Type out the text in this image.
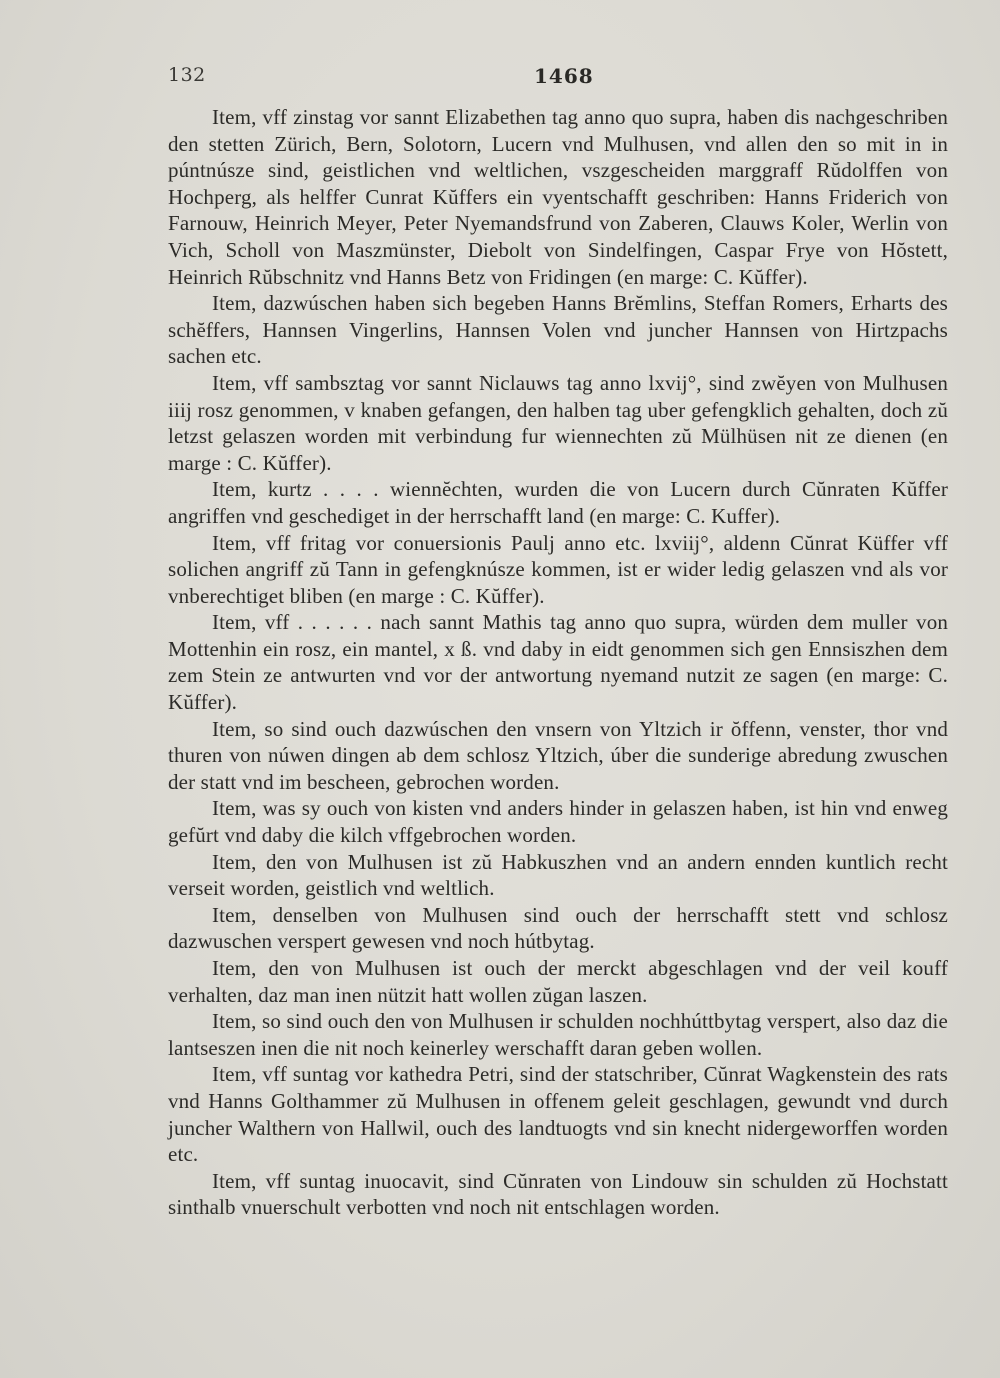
132	1468

Item, vff zinstag vor sannt Elizabethen tag anno quo supra, haben dis nachgeschriben den stetten Zürich, Bern, Solotorn, Lucern vnd Mulhusen, vnd allen den so mit in in púntnúsze sind, geistlichen vnd weltlichen, vszgescheiden marggraff Rŭdolffen von Hochperg, als helffer Cunrat Kŭffers ein vyentschafft geschriben: Hanns Friderich von Farnouw, Heinrich Meyer, Peter Nyemandsfrund von Zaberen, Clauws Koler, Werlin von Vich, Scholl von Maszmünster, Diebolt von Sindelfingen, Caspar Frye von Hŏstett, Heinrich Rŭbschnitz vnd Hanns Betz von Fridingen (en marge: C. Kŭffer).

Item, dazwúschen haben sich begeben Hanns Brĕmlins, Steffan Romers, Erharts des schĕffers, Hannsen Vingerlins, Hannsen Volen vnd juncher Hannsen von Hirtzpachs sachen etc.

Item, vff sambsztag vor sannt Niclauws tag anno lxvij°, sind zwĕyen von Mulhusen iiij rosz genommen, v knaben gefangen, den halben tag uber gefengklich gehalten, doch zŭ letzst gelaszen worden mit verbindung fur wiennechten zŭ Mülhüsen nit ze dienen (en marge : C. Kŭffer).

Item, kurtz . . . . wiennĕchten, wurden die von Lucern durch Cŭnraten Kŭffer angriffen vnd geschediget in der herrschafft land (en marge: C. Kuffer).

Item, vff fritag vor conuersionis Paulj anno etc. lxviij°, aldenn Cŭnrat Küffer vff solichen angriff zŭ Tann in gefengknúsze kommen, ist er wider ledig gelaszen vnd als vor vnberechtiget bliben (en marge : C. Kŭffer).

Item, vff . . . . . . nach sannt Mathis tag anno quo supra, würden dem muller von Mottenhin ein rosz, ein mantel, x ß. vnd daby in eidt genommen sich gen Ennsiszhen dem zem Stein ze antwurten vnd vor der antwortung nyemand nutzit ze sagen (en marge: C. Kŭffer).

Item, so sind ouch dazwúschen den vnsern von Yltzich ir ŏffenn, venster, thor vnd thuren von núwen dingen ab dem schlosz Yltzich, úber die sunderige abredung zwuschen der statt vnd im bescheen, gebrochen worden.

Item, was sy ouch von kisten vnd anders hinder in gelaszen haben, ist hin vnd enweg gefŭrt vnd daby die kilch vffgebrochen worden.

Item, den von Mulhusen ist zŭ Habkuszhen vnd an andern ennden kuntlich recht verseit worden, geistlich vnd weltlich.

Item, denselben von Mulhusen sind ouch der herrschafft stett vnd schlosz dazwuschen verspert gewesen vnd noch hútbytag.

Item, den von Mulhusen ist ouch der merckt abgeschlagen vnd der veil kouff verhalten, daz man inen nützit hatt wollen zŭgan laszen.

Item, so sind ouch den von Mulhusen ir schulden nochhúttbytag verspert, also daz die lantseszen inen die nit noch keinerley werschafft daran geben wollen.

Item, vff suntag vor kathedra Petri, sind der statschriber, Cŭnrat Wagkenstein des rats vnd Hanns Golthammer zŭ Mulhusen in offenem geleit geschlagen, gewundt vnd durch juncher Walthern von Hallwil, ouch des landtuogts vnd sin knecht nidergeworffen worden etc.

Item, vff suntag inuocavit, sind Cŭnraten von Lindouw sin schulden zŭ Hochstatt sinthalb vnuerschult verbotten vnd noch nit entschlagen worden.
